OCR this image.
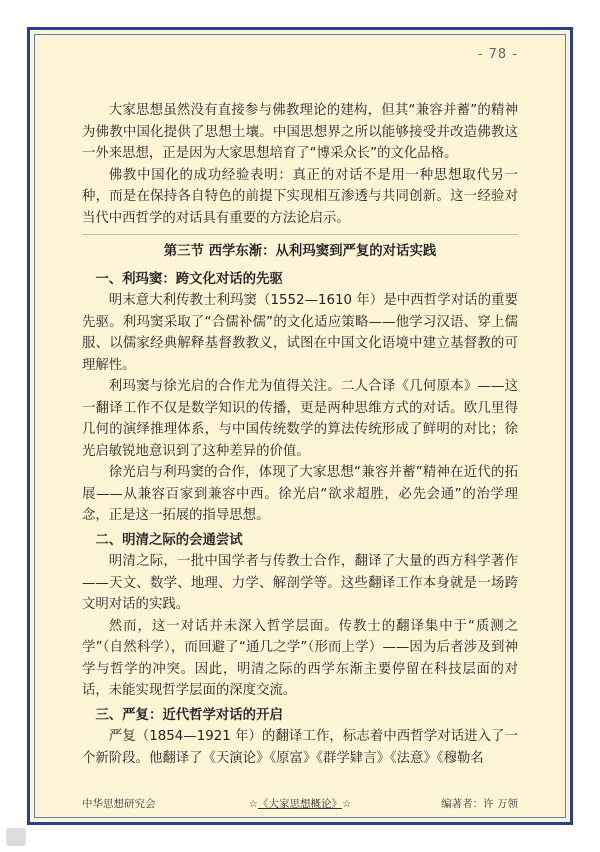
- 78 -

大家思想虽然没有直接参与佛教理论的建构，但其“兼容并蓄”的精神为佛教中国化提供了思想土壤。中国思想界之所以能够接受并改造佛教这一外来思想，正是因为大家思想培育了“博采众长”的文化品格。

佛教中国化的成功经验表明：真正的对话不是用一种思想取代另一种，而是在保持各自特色的前提下实现相互渗透与共同创新。这一经验对当代中西哲学的对话具有重要的方法论启示。

第三节 西学东渐：从利玛窦到严复的对话实践

一、利玛窦：跨文化对话的先驱

明末意大利传教士利玛窦（1552—1610 年）是中西哲学对话的重要先驱。利玛窦采取了“合儒补儒”的文化适应策略——他学习汉语、穿上儒服、以儒家经典解释基督教教义，试图在中国文化语境中建立基督教的可理解性。

利玛窦与徐光启的合作尤为值得关注。二人合译《几何原本》——这一翻译工作不仅是数学知识的传播，更是两种思维方式的对话。欧几里得几何的演绎推理体系，与中国传统数学的算法传统形成了鲜明的对比；徐光启敏锐地意识到了这种差异的价值。

徐光启与利玛窦的合作，体现了大家思想“兼容并蓄”精神在近代的拓展——从兼容百家到兼容中西。徐光启“欲求超胜，必先会通”的治学理念，正是这一拓展的指导思想。

二、明清之际的会通尝试

明清之际，一批中国学者与传教士合作，翻译了大量的西方科学著作——天文、数学、地理、力学、解剖学等。这些翻译工作本身就是一场跨文明对话的实践。

然而，这一对话并未深入哲学层面。传教士的翻译集中于“质测之学”（自然科学），而回避了“通几之学”（形而上学）——因为后者涉及到神学与哲学的冲突。因此，明清之际的西学东渐主要停留在科技层面的对话，未能实现哲学层面的深度交流。

三、严复：近代哲学对话的开启

严复（1854—1921 年）的翻译工作，标志着中西哲学对话进入了一个新阶段。他翻译了《天演论》《原富》《群学肄言》《法意》《穆勒名

中华思想研究会	☆《大家思想概论》☆	编著者：许 万领
